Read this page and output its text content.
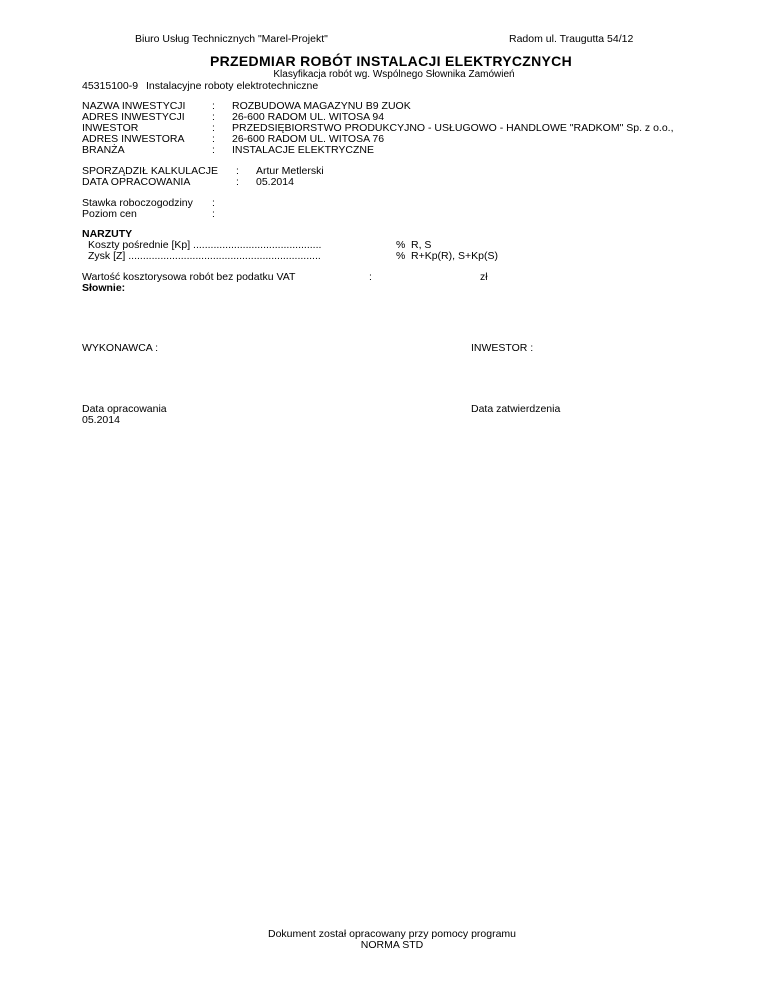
Biuro Usług Technicznych "Marel-Projekt"	Radom ul. Traugutta 54/12
PRZEDMIAR ROBÓT INSTALACJI ELEKTRYCZNYCH
Klasyfikacja robót wg. Wspólnego Słownika Zamówień
45315100-9 Instalacyjne roboty elektrotechniczne
NAZWA INWESTYCJI	: ROZBUDOWA MAGAZYNU B9 ZUOK
ADRES INWESTYCJI	: 26-600 RADOM UL. WITOSA 94
INWESTOR	: PRZEDSIĘBIORSTWO PRODUKCYJNO - USŁUGOWO - HANDLOWE "RADKOM" Sp. z o.o.,
ADRES INWESTORA	: 26-600 RADOM UL. WITOSA 76
BRANŻA	: INSTALACJE ELEKTRYCZNE
SPORZĄDZIŁ KALKULACJE : Artur Metlerski
DATA OPRACOWANIA	: 05.2014
Stawka roboczogodziny :
Poziom cen	:
NARZUTY
Koszty pośrednie [Kp] ............................................	% R, S
Zysk [Z] ..................................................................	% R+Kp(R), S+Kp(S)
Wartość kosztorysowa robót bez podatku VAT	:	zł
Słownie:
WYKONAWCA :	INWESTOR :
Data opracowania
05.2014
Data zatwierdzenia
Dokument został opracowany przy pomocy programu
NORMA STD
